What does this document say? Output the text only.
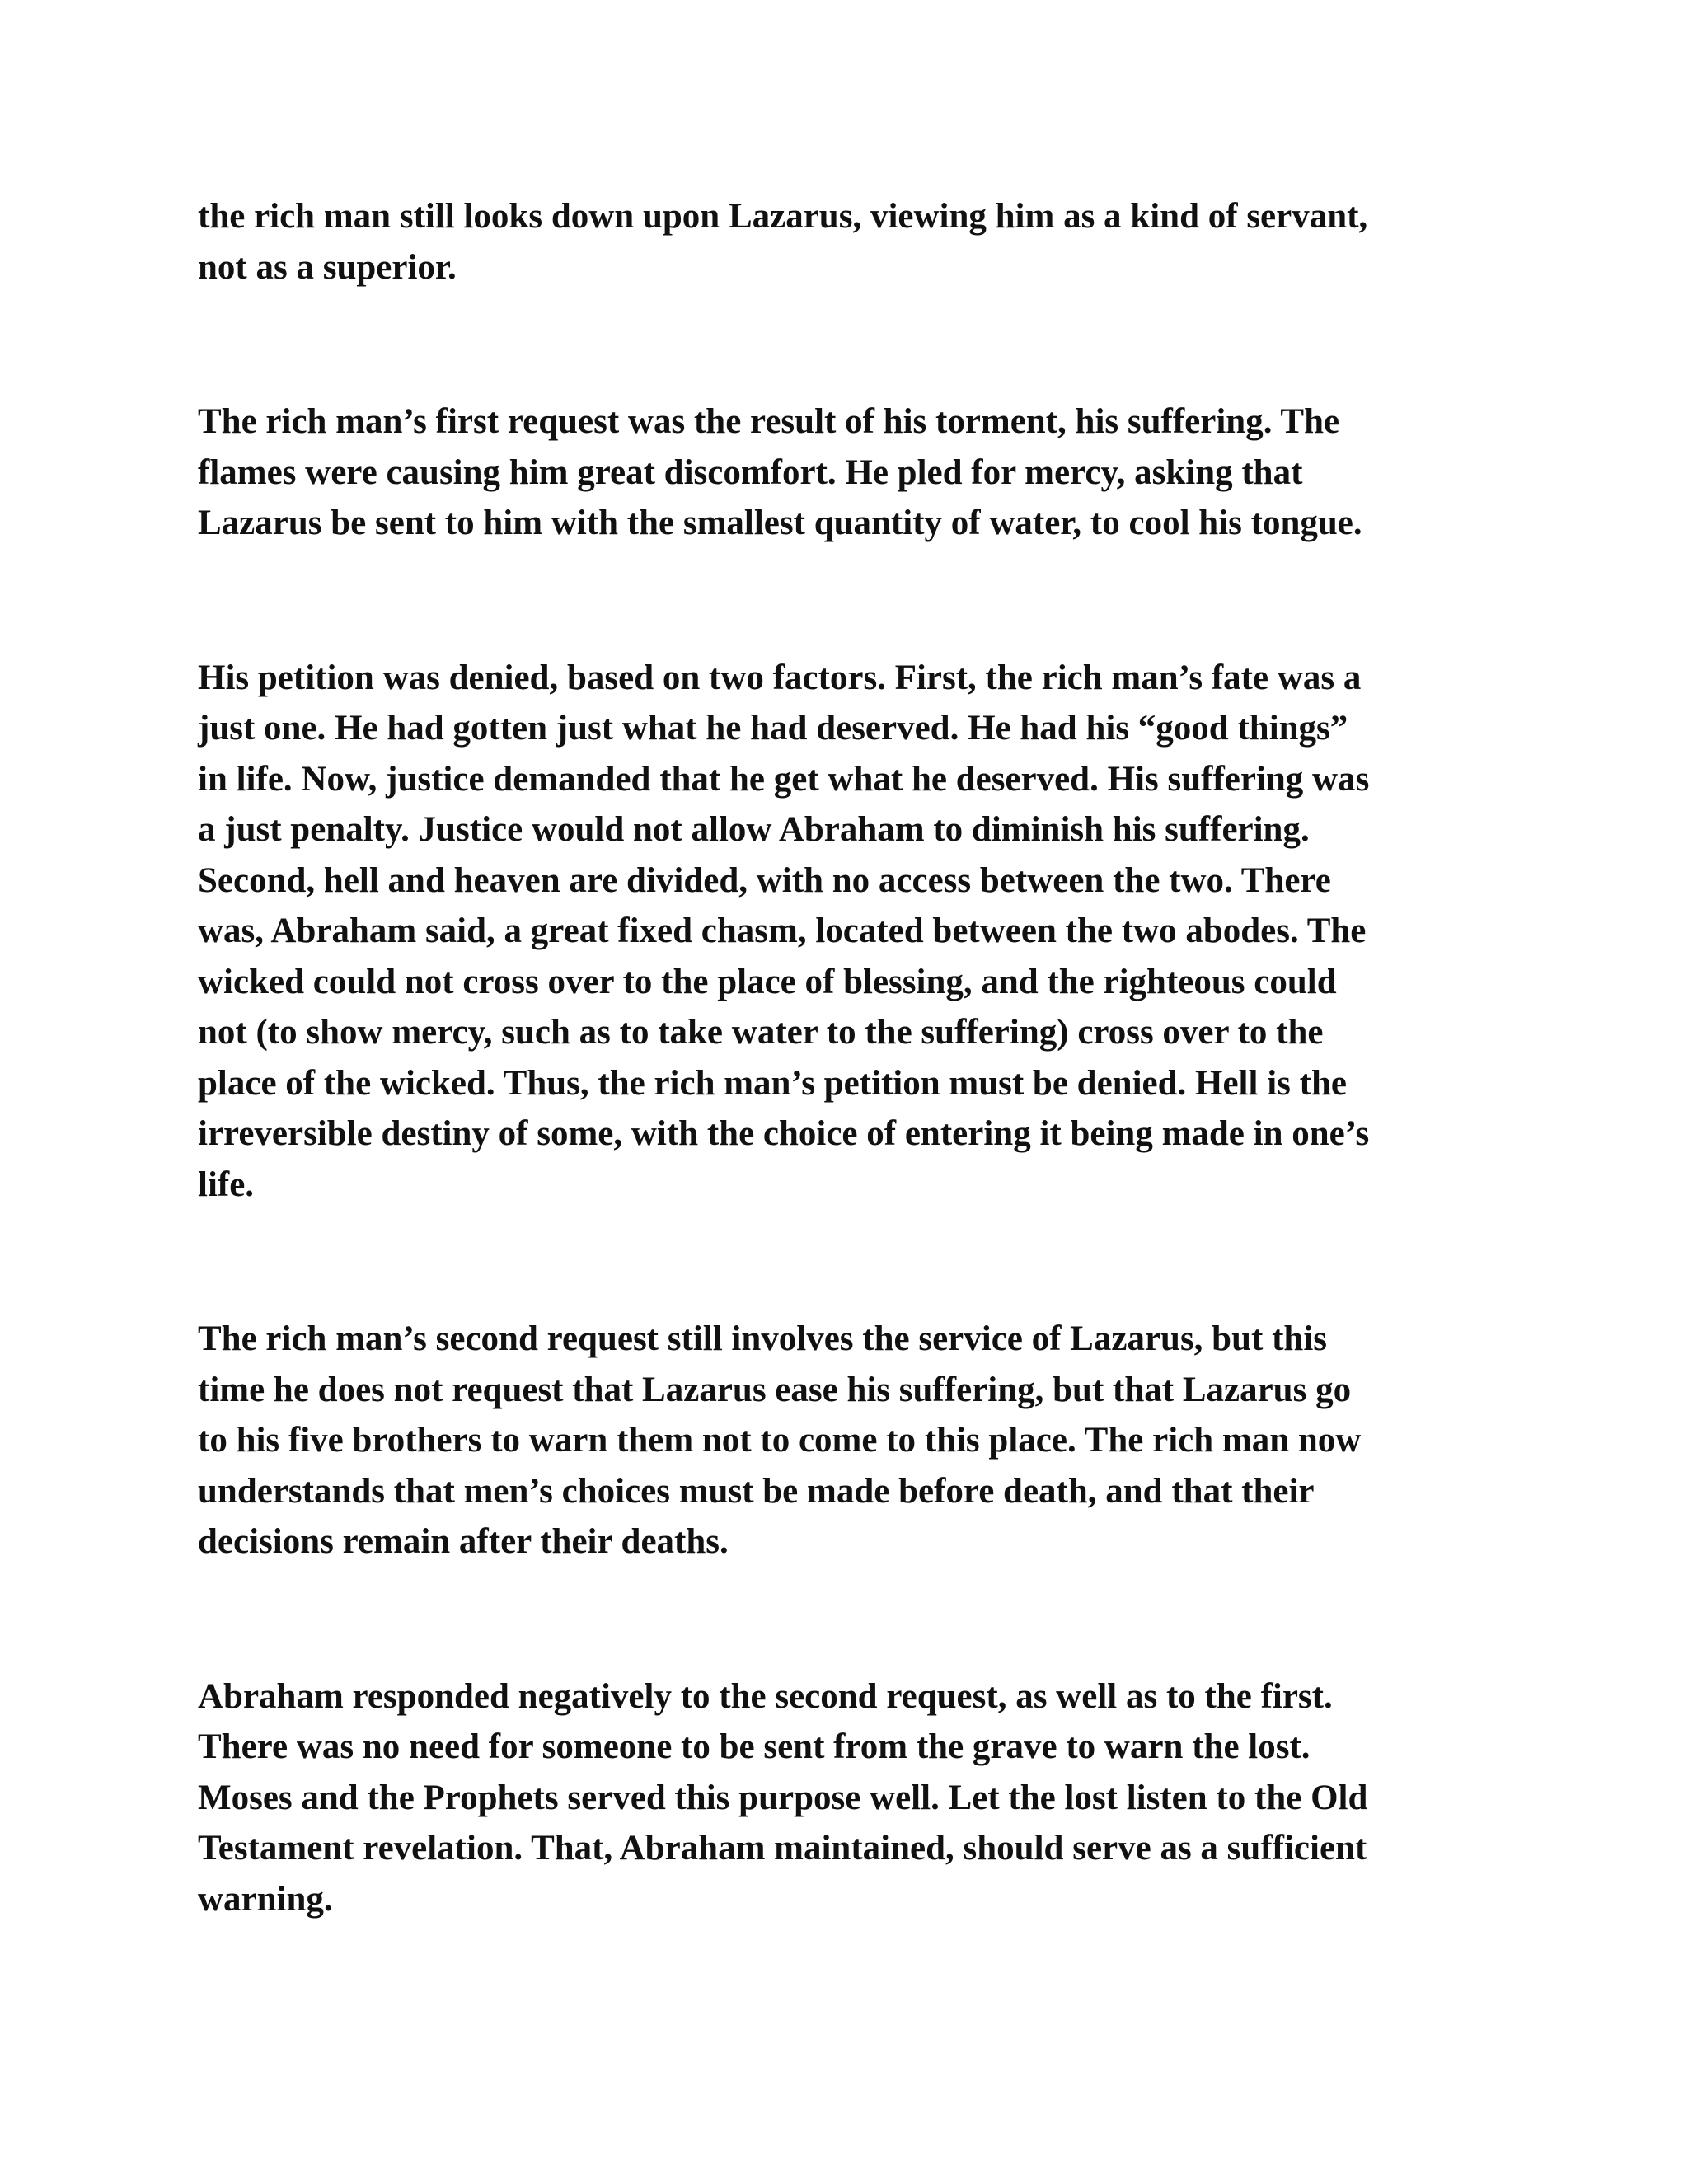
the rich man still looks down upon Lazarus, viewing him as a kind of servant,
not as a superior.

The rich man’s first request was the result of his torment, his suffering. The
flames were causing him great discomfort. He pled for mercy, asking that
Lazarus be sent to him with the smallest quantity of water, to cool his tongue.

His petition was denied, based on two factors. First, the rich man’s fate was a
just one. He had gotten just what he had deserved. He had his “good things”
in life. Now, justice demanded that he get what he deserved. His suffering was
a just penalty. Justice would not allow Abraham to diminish his suffering.
Second, hell and heaven are divided, with no access between the two. There
was, Abraham said, a great fixed chasm, located between the two abodes. The
wicked could not cross over to the place of blessing, and the righteous could
not (to show mercy, such as to take water to the suffering) cross over to the
place of the wicked. Thus, the rich man’s petition must be denied. Hell is the
irreversible destiny of some, with the choice of entering it being made in one’s
life.

The rich man’s second request still involves the service of Lazarus, but this
time he does not request that Lazarus ease his suffering, but that Lazarus go
to his five brothers to warn them not to come to this place. The rich man now
understands that men’s choices must be made before death, and that their
decisions remain after their deaths.

Abraham responded negatively to the second request, as well as to the first.
There was no need for someone to be sent from the grave to warn the lost.
Moses and the Prophets served this purpose well. Let the lost listen to the Old
Testament revelation. That, Abraham maintained, should serve as a sufficient
warning.
